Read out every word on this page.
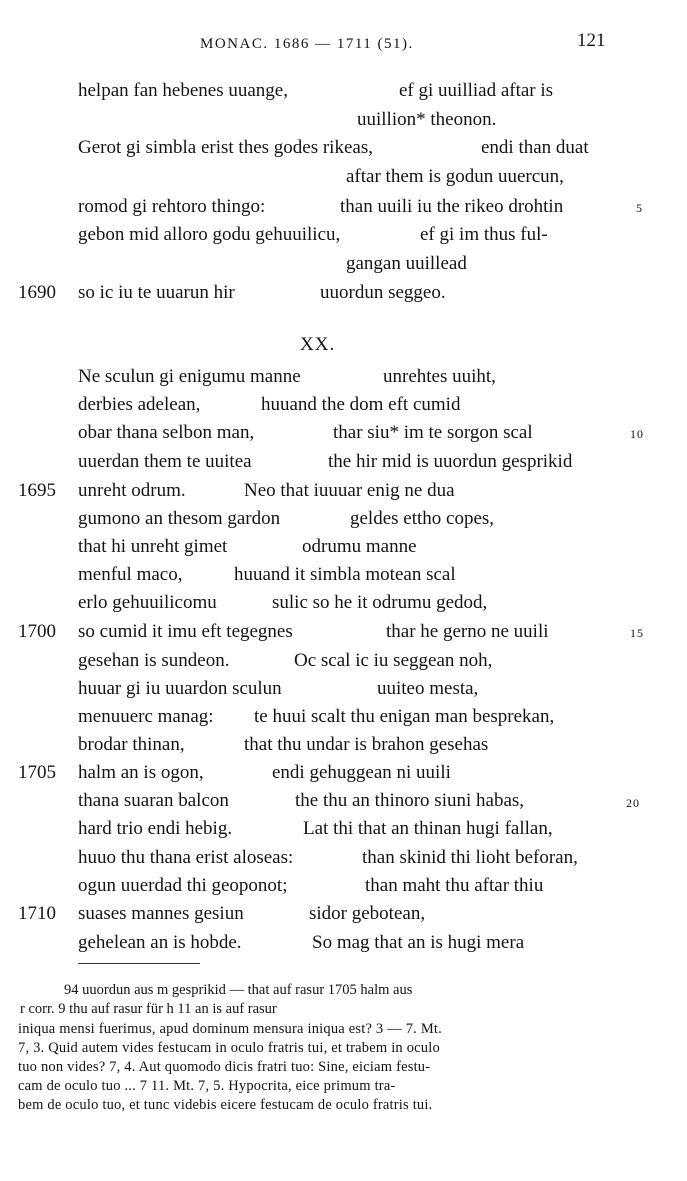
MONAC. 1686 — 1711 (51).	121
helpan fan hebenes uuange,	ef gi uuilliad aftar is
uuillion* theonon.
Gerot gi simbla erist thes godes rikeas,	endi than duat
aftar them is godun uuercun,
romod gi rehtoro thingo:	than uuili iu the rikeo drohtin	5
gebon mid alloro godu gehuuilicu,	ef gi im thus ful-
gangan uuillead
1690 so ic iu te uuarun hir	uuordun seggeo.
XX.
Ne sculun gi enigumu manne	unrehtes uuiht,
derbies adelean,	huuand the dom eft cumid
obar thana selbon man,	thar siu* im te sorgon scal	10
uuerdan them te uuitea	the hir mid is uuordun gesprikid
1695 unreht odrum.	Neo that iuuuar enig ne dua
gumono an thesom gardon	geldes ettho copes,
that hi unreht gimet	odrumu manne
menful maco,	huuand it simbla motean scal
erlo gehuuilicomu	sulic so he it odrumu gedod,
1700 so cumid it imu eft tegegnes	thar he gerno ne uuili	15
gesehan is sundeon.	Oc scal ic iu seggean noh,
huuar gi iu uuardon sculun	uuiteo mesta,
menuuerc manag: te huui scalt thu enigan man besprekan,
brodar thinan,	that thu undar is brahon gesehas
1705 halm an is ogon,	endi gehuggean ni uuili
thana suaran balcon	the thu an thinoro siuni habas,	20
hard trio endi hebig.	Lat thi that an thinan hugi fallan,
huuo thu thana erist aloseas:	than skinid thi lioht beforan,
ogun uuerdad thi geoponot;	than maht thu aftar thiu
1710 suases mannes gesiun	sidor gebotean,
gehelean an is hobde.	So mag that an is hugi mera
94 uuordun aus m gesprikid — that auf rasur 1705 halm aus
r corr. 9 thu auf rasur für h 11 an is auf rasur
iniqua mensi fuerimus, apud dominum mensura iniqua est? 3 — 7. Mt.
7, 3. Quid autem vides festucam in oculo fratris tui, et trabem in oculo
tuo non vides? 7, 4. Aut quomodo dicis fratri tuo: Sine, eiciam festu-
cam de oculo tuo ... 7 11. Mt. 7, 5. Hypocrita, eice primum tra-
bem de oculo tuo, et tunc videbis eicere festucam de oculo fratris tui.
